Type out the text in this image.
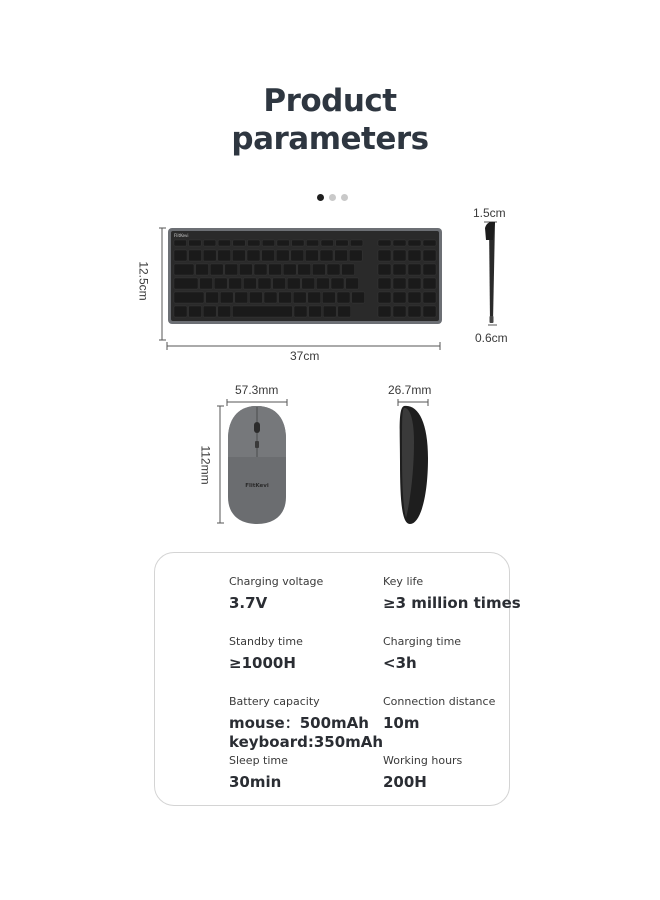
Product
parameters
12.5cm
37cm
1.5cm
0.6cm
FlitKevi
57.3mm	26.7mm
112mm
FlitKevi
Charging voltage
3.7V
Key life
≥3 million times
Standby time
≥1000H
Charging time
<3h
Battery capacity
mouse：500mAh
keyboard:350mAh
Connection distance
10m
Sleep time
30min
Working hours
200H
